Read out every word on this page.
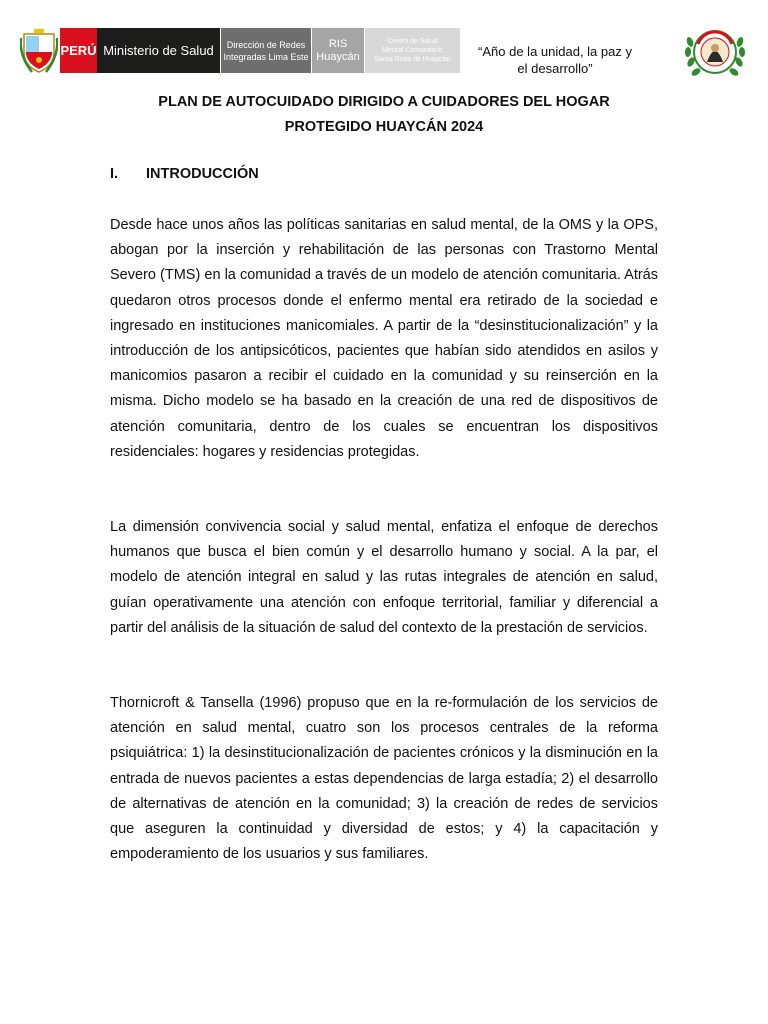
PERÚ Ministerio de Salud	Dirección de Redes
Integradas Lima Este
RIS
Huaycán
Centro de Salud
Mental Comunitario
Santa Rosa de Huaycán
“Año de la unidad, la paz y
el desarrollo”
PLAN DE AUTOCUIDADO DIRIGIDO A CUIDADORES DEL HOGAR
PROTEGIDO HUAYCÁN 2024
I. INTRODUCCIÓN

Desde hace unos años las políticas sanitarias en salud mental, de la OMS y la OPS, abogan por la inserción y rehabilitación de las personas con Trastorno Mental Severo (TMS) en la comunidad a través de un modelo de atención comunitaria. Atrás quedaron otros procesos donde el enfermo mental era retirado de la sociedad e ingresado en instituciones manicomiales. A partir de la “desinstitucionalización” y la introducción de los antipsicóticos, pacientes que habían sido atendidos en asilos y manicomios pasaron a recibir el cuidado en la comunidad y su reinserción en la misma. Dicho modelo se ha basado en la creación de una red de dispositivos de atención comunitaria, dentro de los cuales se encuentran los dispositivos residenciales: hogares y residencias protegidas.

La dimensión convivencia social y salud mental, enfatiza el enfoque de derechos humanos que busca el bien común y el desarrollo humano y social. A la par, el modelo de atención integral en salud y las rutas integrales de atención en salud, guían operativamente una atención con enfoque territorial, familiar y diferencial a partir del análisis de la situación de salud del contexto de la prestación de servicios.

Thornicroft & Tansella (1996) propuso que en la re-formulación de los servicios de atención en salud mental, cuatro son los procesos centrales de la reforma psiquiátrica: 1) la desinstitucionalización de pacientes crónicos y la disminución en la entrada de nuevos pacientes a estas dependencias de larga estadía; 2) el desarrollo de alternativas de atención en la comunidad; 3) la creación de redes de servicios que aseguren la continuidad y diversidad de estos; y 4) la capacitación y empoderamiento de los usuarios y sus familiares.
